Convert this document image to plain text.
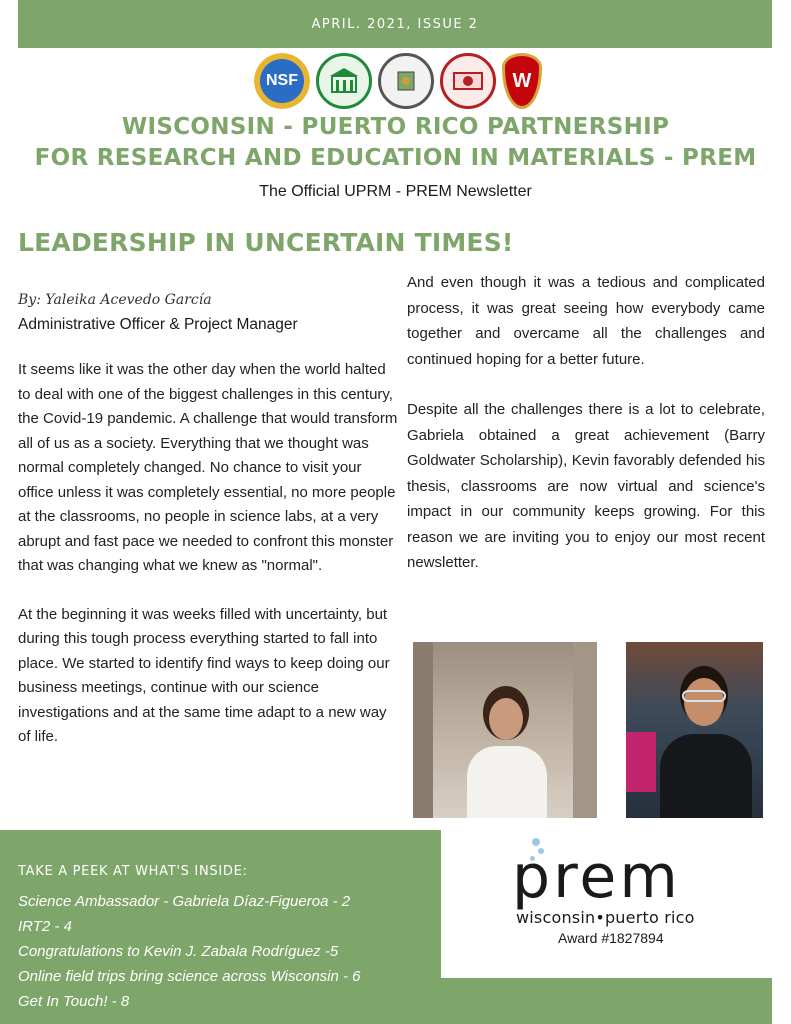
APRIL. 2021, ISSUE 2
NSF	W
WISCONSIN - PUERTO RICO PARTNERSHIP
FOR RESEARCH AND EDUCATION IN MATERIALS - PREM
The Official UPRM - PREM Newsletter
LEADERSHIP IN UNCERTAIN TIMES!
By: Yaleika Acevedo García
Administrative Officer & Project Manager

It seems like it was the other day when the world halted to deal with one of the biggest challenges in this century, the Covid-19 pandemic. A challenge that would transform all of us as a society. Everything that we thought was normal completely changed. No chance to visit your office unless it was completely essential, no more people at the classrooms, no people in science labs, at a very abrupt and fast pace we needed to confront this monster that was changing what we knew as "normal".

At the beginning it was weeks filled with uncertainty, but during this tough process everything started to fall into place. We started to identify find ways to keep doing our business meetings, continue with our science investigations and at the same time adapt to a new way of life.

And even though it was a tedious and complicated process, it was great seeing how everybody came together and overcame all the challenges and continued hoping for a better future.

Despite all the challenges there is a lot to celebrate, Gabriela obtained a great achievement (Barry Goldwater Scholarship), Kevin favorably defended his thesis, classrooms are now virtual and science's impact in our community keeps growing. For this reason we are inviting you to enjoy our most recent newsletter.

TAKE A PEEK AT WHAT'S INSIDE:
Science Ambassador - Gabriela Díaz-Figueroa - 2
IRT2 - 4
Congratulations to Kevin J. Zabala Rodríguez -5
Online field trips bring science across Wisconsin - 6
Get In Touch! - 8
prem
wisconsin•puerto rico
Award #1827894
